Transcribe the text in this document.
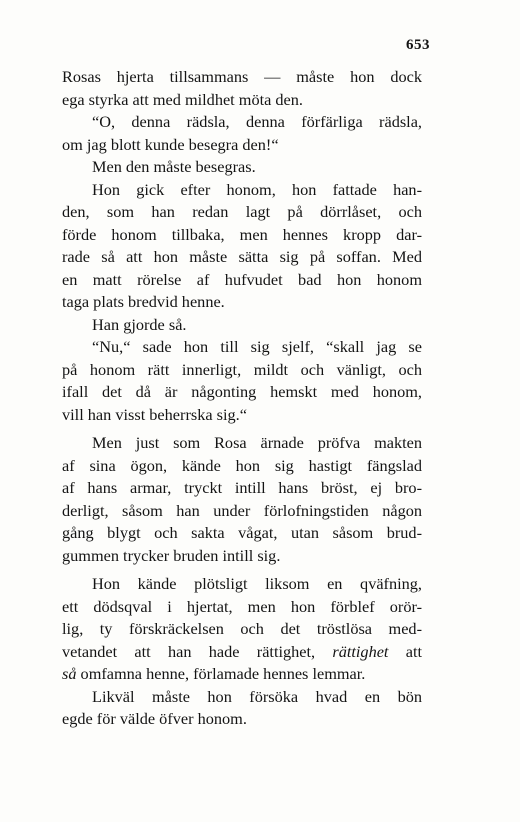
653

Rosas hjerta tillsammans — måste hon dock
ega styrka att med mildhet möta den.

“O, denna rädsla, denna förfärliga rädsla,
om jag blott kunde besegra den!“

Men den måste besegras.

Hon gick efter honom, hon fattade han-
den, som han redan lagt på dörrlåset, och
förde honom tillbaka, men hennes kropp dar-
rade så att hon måste sätta sig på soffan. Med
en matt rörelse af hufvudet bad hon honom
taga plats bredvid henne.

Han gjorde så.

“Nu,“ sade hon till sig sjelf, “skall jag se
på honom rätt innerligt, mildt och vänligt, och
ifall det då är någonting hemskt med honom,
vill han visst beherrska sig.“

Men just som Rosa ärnade pröfva makten
af sina ögon, kände hon sig hastigt fängslad
af hans armar, tryckt intill hans bröst, ej bro-
derligt, såsom han under förlofningstiden någon
gång blygt och sakta vågat, utan såsom brud-
gummen trycker bruden intill sig.

Hon kände plötsligt liksom en qväfning,
ett dödsqval i hjertat, men hon förblef orör-
lig, ty förskräckelsen och det tröstlösa med-
vetandet att han hade rättighet, rättighet att
så omfamna henne, förlamade hennes lemmar.

Likväl måste hon försöka hvad en bön
egde för välde öfver honom.
